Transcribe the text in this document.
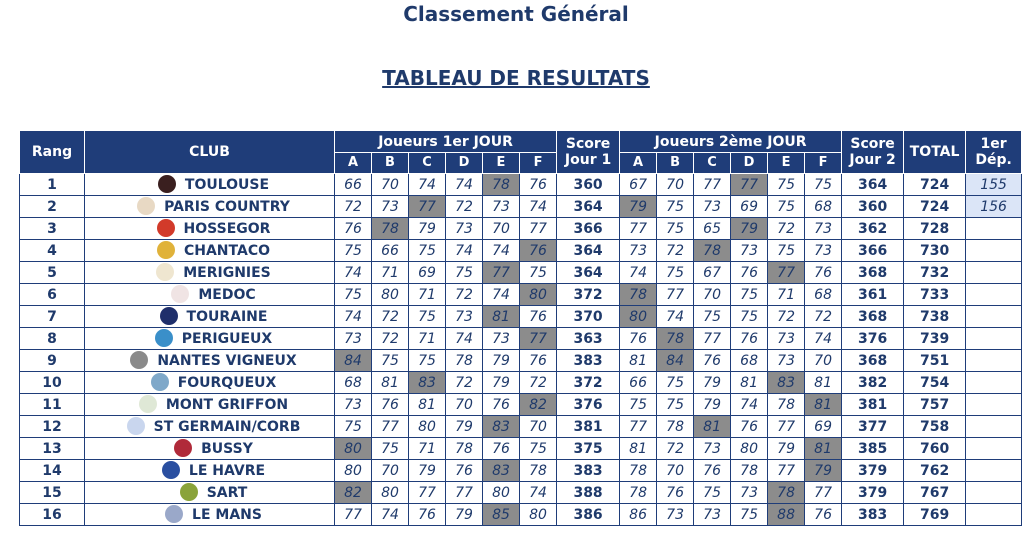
Classement Général
TABLEAU DE RESULTATS
Rang	CLUB	Joueurs 1er JOUR						Score
Jour 1	Joueurs 2ème JOUR						Score
Jour 2	TOTAL	1er
Dép.
		A	B	C	D	E	F		A	B	C	D	E	F			
1	TOULOUSE	66	70	74	74	78	76	360	67	70	77	77	75	75	364	724	155
2	PARIS COUNTRY	72	73	77	72	73	74	364	79	75	73	69	75	68	360	724	156
3	HOSSEGOR	76	78	79	73	70	77	366	77	75	65	79	72	73	362	728	
4	CHANTACO	75	66	75	74	74	76	364	73	72	78	73	75	73	366	730	
5	MERIGNIES	74	71	69	75	77	75	364	74	75	67	76	77	76	368	732	
6	MEDOC	75	80	71	72	74	80	372	78	77	70	75	71	68	361	733	
7	TOURAINE	74	72	75	73	81	76	370	80	74	75	75	72	72	368	738	
8	PERIGUEUX	73	72	71	74	73	77	363	76	78	77	76	73	74	376	739	
9	NANTES VIGNEUX	84	75	75	78	79	76	383	81	84	76	68	73	70	368	751	
10	FOURQUEUX	68	81	83	72	79	72	372	66	75	79	81	83	81	382	754	
11	MONT GRIFFON	73	76	81	70	76	82	376	75	75	79	74	78	81	381	757	
12	ST GERMAIN/CORB	75	77	80	79	83	70	381	77	78	81	76	77	69	377	758	
13	BUSSY	80	75	71	78	76	75	375	81	72	73	80	79	81	385	760	
14	LE HAVRE	80	70	79	76	83	78	383	78	70	76	78	77	79	379	762	
15	SART	82	80	77	77	80	74	388	78	76	75	73	78	77	379	767	
16	LE MANS	77	74	76	79	85	80	386	86	73	73	75	88	76	383	769	
